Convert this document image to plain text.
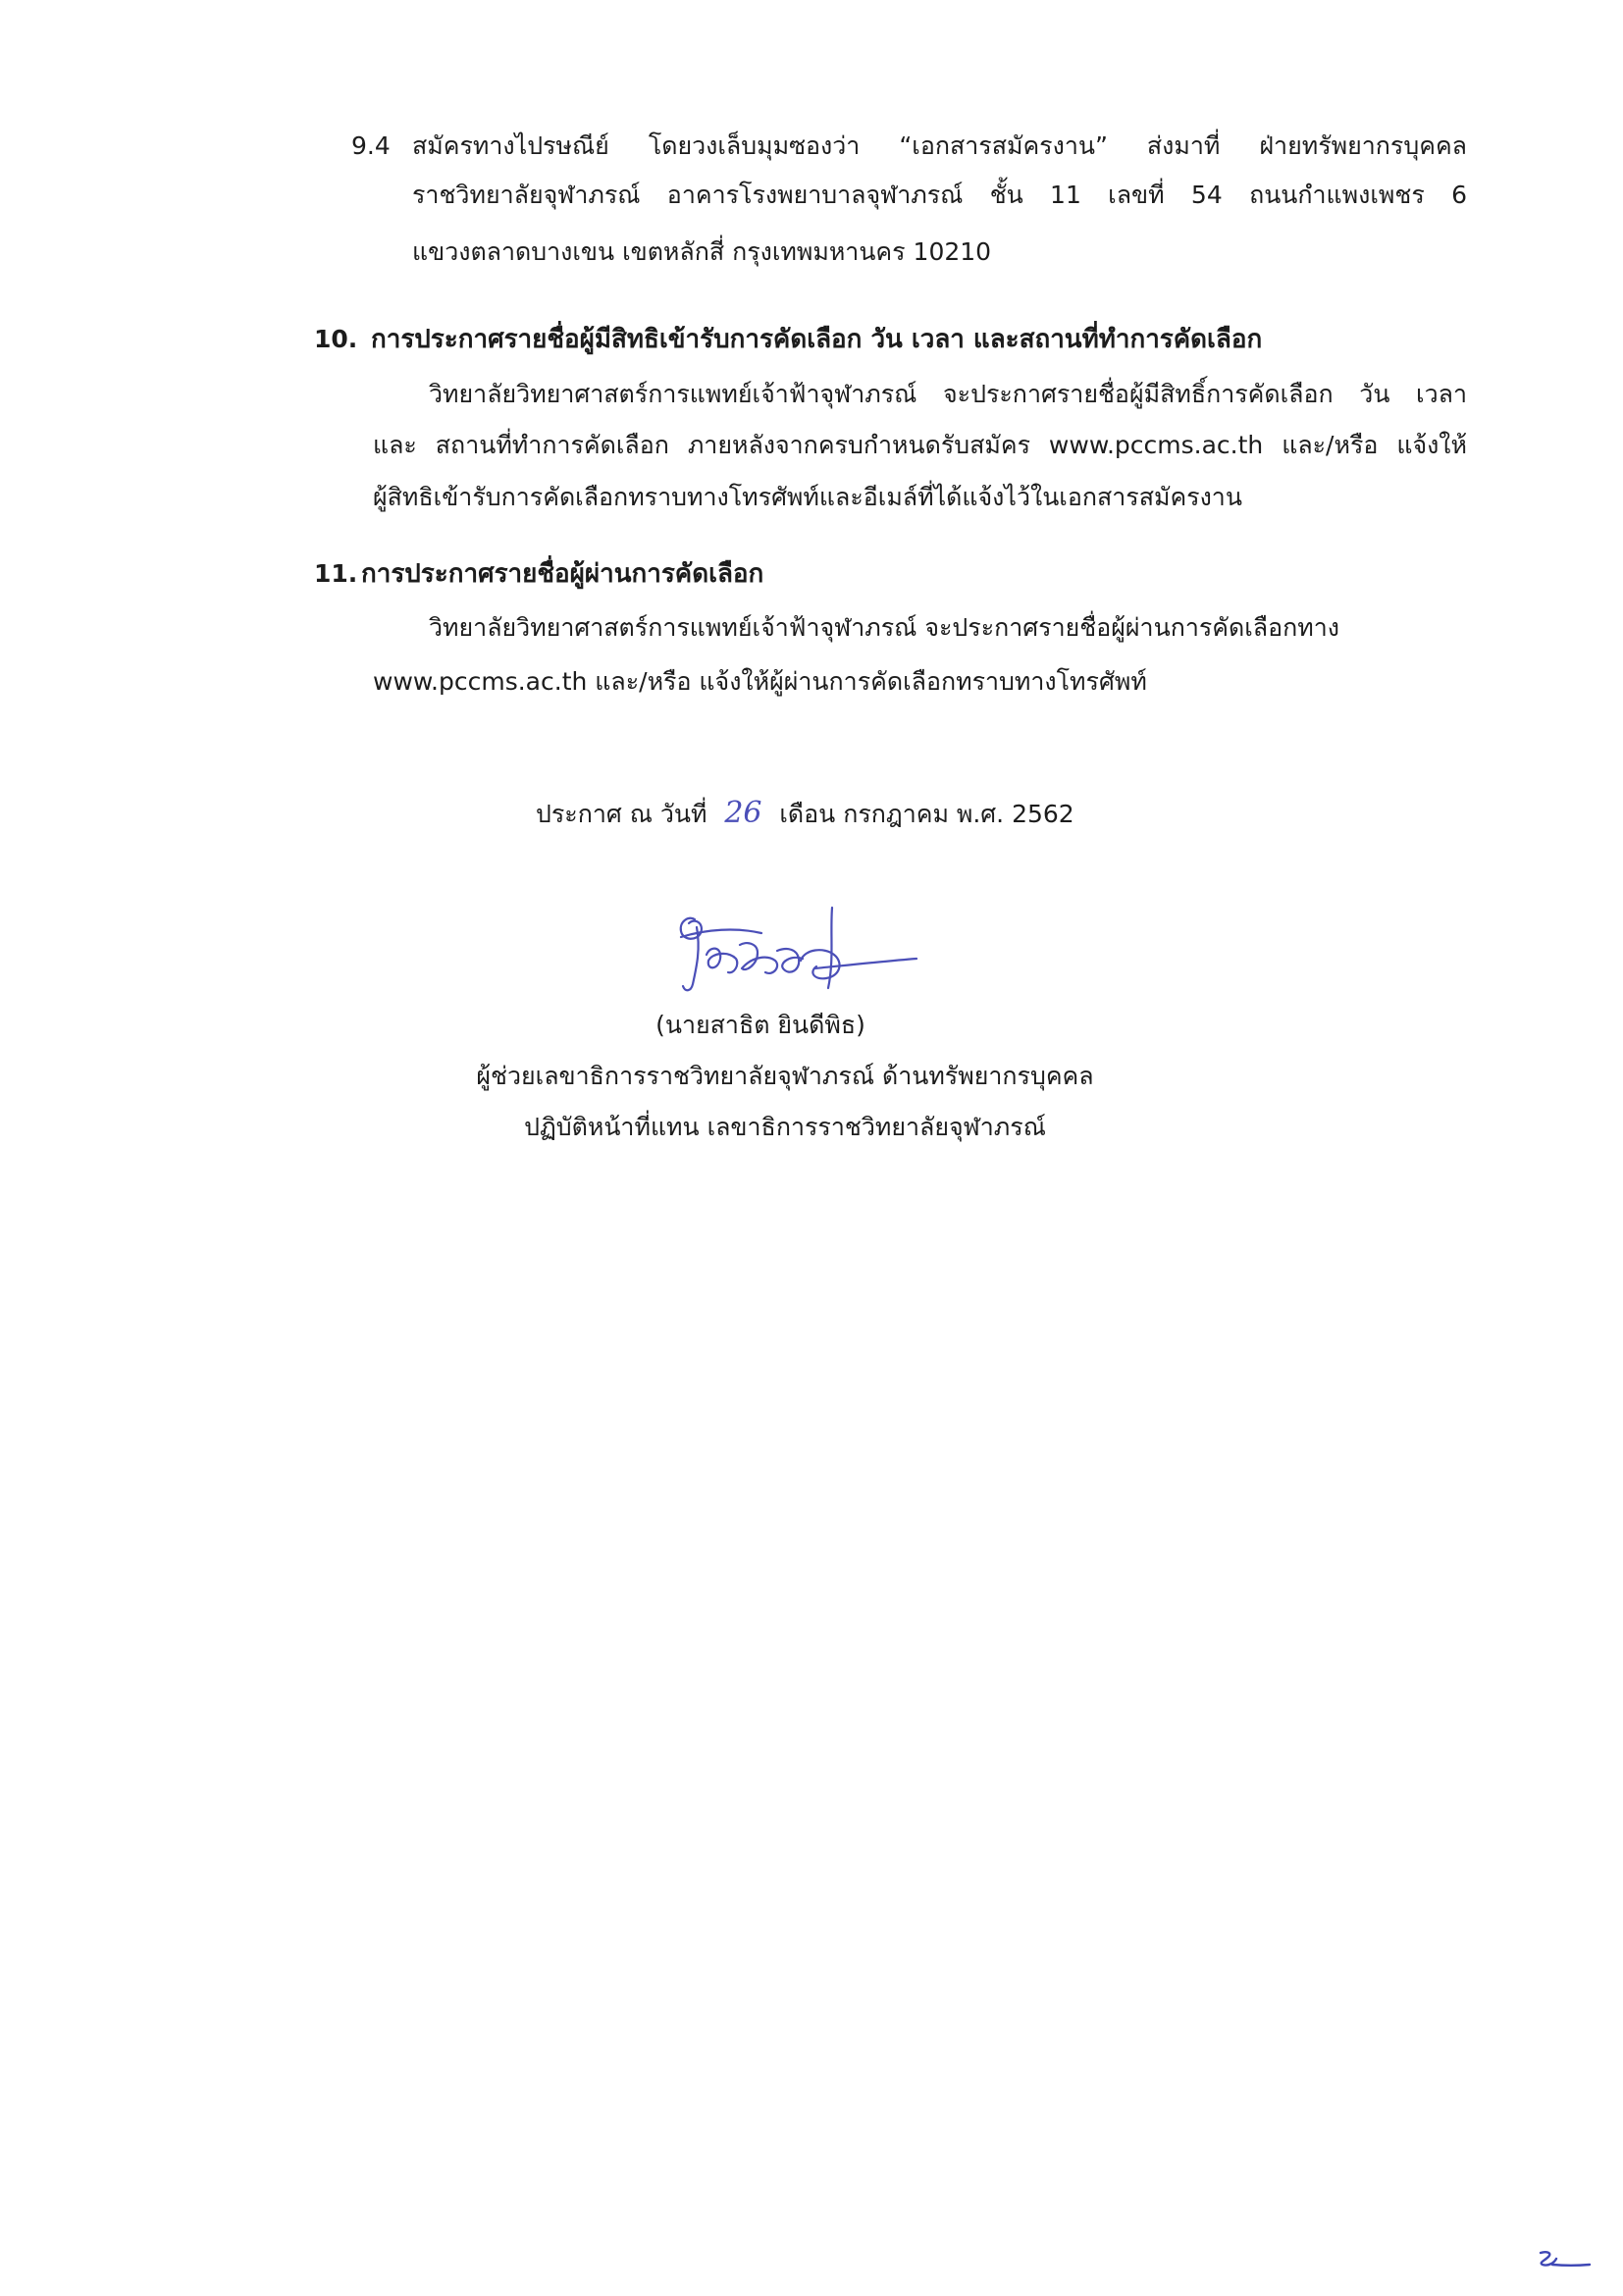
9.4 สมัครทางไปรษณีย์ โดยวงเล็บมุมซองว่า “เอกสารสมัครงาน” ส่งมาที่ ฝ่ายทรัพยากรบุคคล
ราชวิทยาลัยจุฬาภรณ์ อาคารโรงพยาบาลจุฬาภรณ์ ชั้น 11 เลขที่ 54 ถนนกำแพงเพชร 6
แขวงตลาดบางเขน เขตหลักสี่ กรุงเทพมหานคร 10210
10. การประกาศรายชื่อผู้มีสิทธิเข้ารับการคัดเลือก วัน เวลา และสถานที่ทำการคัดเลือก
วิทยาลัยวิทยาศาสตร์การแพทย์เจ้าฟ้าจุฬาภรณ์ จะประกาศรายชื่อผู้มีสิทธิ์การคัดเลือก วัน เวลา
และ สถานที่ทำการคัดเลือก ภายหลังจากครบกำหนดรับสมัคร www.pccms.ac.th และ/หรือ แจ้งให้
ผู้สิทธิเข้ารับการคัดเลือกทราบทางโทรศัพท์และอีเมล์ที่ได้แจ้งไว้ในเอกสารสมัครงาน
11. การประกาศรายชื่อผู้ผ่านการคัดเลือก
วิทยาลัยวิทยาศาสตร์การแพทย์เจ้าฟ้าจุฬาภรณ์ จะประกาศรายชื่อผู้ผ่านการคัดเลือกทาง
www.pccms.ac.th และ/หรือ แจ้งให้ผู้ผ่านการคัดเลือกทราบทางโทรศัพท์
ประกาศ ณ วันที่ 26 เดือน กรกฎาคม พ.ศ. 2562
(นายสาธิต ยินดีพิธ)
ผู้ช่วยเลขาธิการราชวิทยาลัยจุฬาภรณ์ ด้านทรัพยากรบุคคล
ปฏิบัติหน้าที่แทน เลขาธิการราชวิทยาลัยจุฬาภรณ์
